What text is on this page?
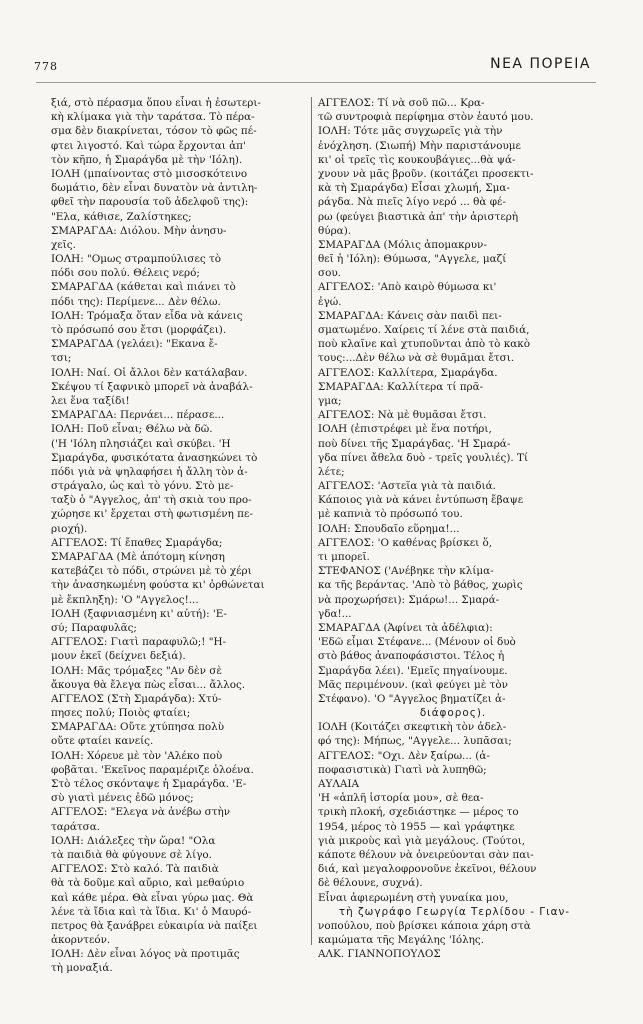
778	ΝΕΑ ΠΟΡΕΙΑ
ξιά, στὸ πέρασμα ὅπου εἶναι ἡ ἐσωτερι-
κὴ κλίμακα γιὰ τὴν ταράτσα. Τὸ πέρα-
σμα δὲν διακρίνεται, τόσον τὸ φῶς πέ-
φτει λιγοστό. Καὶ τώρα ἔρχονται ἀπ'
τὸν κῆπο, ἡ Σμαράγδα μὲ τὴν 'Ιόλη).
ΙΟΛΗ (μπαίνοντας στὸ μισοσκότεινο
δωμάτιο, δὲν εἶναι δυνατὸν νὰ ἀντιλη-
φθεῖ τὴν παρουσία τοῦ ἀδελφοῦ της):
"Ελα, κάθισε, Ζαλίστηκες;
ΣΜΑΡΑΓΔΑ: Διόλου. Μὴν ἀνησυ-
χεῖς.
ΙΟΛΗ: "Ομως στραμπούλισες τὸ
πόδι σου πολύ. Θέλεις νερό;
ΣΜΑΡΑΓΔΑ (κάθεται καὶ πιάνει τὸ
πόδι της): Περίμενε... Δὲν θέλω.
ΙΟΛΗ: Τρόμαξα ὅταν εἶδα νὰ κάνεις
τὸ πρόσωπό σου ἔτσι (μορφάζει).
ΣΜΑΡΑΓΔΑ (γελάει): "Εκανα ἔ-
τσι;
ΙΟΛΗ: Ναί. Οἱ ἄλλοι δὲν κατάλαβαν.
Σκέψου τί ξαφνικὸ μπορεῖ νὰ ἀναβάλ-
λει ἕνα ταξίδι!
ΣΜΑΡΑΓΔΑ: Περνάει... πέρασε...
ΙΟΛΗ: Ποῦ εἶναι; Θέλω νὰ δῶ.
('Η 'Ιόλη πλησιάζει καὶ σκύβει. 'Η
Σμαράγδα, φυσικότατα ἀνασηκώνει τὸ
πόδι γιὰ νὰ ψηλαφήσει ἡ ἄλλη τὸν ἀ-
στράγαλο, ὡς καὶ τὸ γόνυ. Στὸ με-
ταξὺ ὁ "Αγγελος, ἀπ' τὴ σκιὰ του προ-
χώρησε κι' ἔρχεται στὴ φωτισμένη πε-
ριοχή).
ΑΓΓΕΛΟΣ: Τί ἔπαθες Σμαράγδα;
ΣΜΑΡΑΓΔΑ (Μὲ ἀπότομη κίνηση
κατεβάζει τὸ πόδι, στρώνει μὲ τὸ χέρι
τὴν ἀνασηκωμένη φούστα κι' ὀρθώνεται
μὲ ἔκπληξη): 'Ο "Αγγελος!...
ΙΟΛΗ (ξαφνιασμένη κι' αὐτή): 'Ε-
σύ; Παραφυλᾶς;
ΑΓΓΕΛΟΣ: Γιατὶ παραφυλῶ;! "Η-
μουν ἐκεῖ (δείχνει δεξιά).
ΙΟΛΗ: Μᾶς τρόμαξες "Αν δὲν σὲ
ἄκουγα θὰ ἔλεγα πὼς εἶσαι... ἄλλος.
ΑΓΓΕΛΟΣ (Στὴ Σμαράγδα): Χτύ-
πησες πολύ; Ποιὸς φταίει;
ΣΜΑΡΑΓΔΑ: Οὔτε χτύπησα πολὺ
οὔτε φταίει κανείς.
ΙΟΛΗ: Χόρευε μὲ τὸν 'Αλέκο ποὺ
φοβᾶται. 'Εκεῖνος παραμέριζε ὁλοένα.
Στὸ τέλος σκόνταψε ἡ Σμαράγδα. 'Ε-
σὺ γιατὶ μένεις ἐδῶ μόνος;
ΑΓΓΕΛΟΣ: "Ελεγα νὰ ἀνέβω στὴν
ταράτσα.
ΙΟΛΗ: Διάλεξες τὴν ὥρα! "Ολα
τὰ παιδιὰ θὰ φύγουνε σὲ λίγο.
ΑΓΓΕΛΟΣ: Στὸ καλό. Τὰ παιδιὰ
θὰ τὰ δοῦμε καὶ αὔριο, καὶ μεθαύριο
καὶ κάθε μέρα. Θὰ εἶναι γύρω μας. Θὰ
λένε τὰ ἴδια καὶ τὰ ἴδια. Κι' ὁ Μαυρό-
πετρος θὰ ξανάβρει εὐκαιρία νὰ παίξει
ἀκορντεόν.
ΙΟΛΗ: Δὲν εἶναι λόγος νὰ προτιμᾶς
τὴ μοναξιά.
ΑΓΓΕΛΟΣ: Τί νὰ σοῦ πῶ... Κρα-
τῶ συντροφιὰ περίφημα στὸν ἑαυτό μου.
ΙΟΛΗ: Τότε μᾶς συγχωρεῖς γιὰ τὴν
ἐνόχληση. (Σιωπή) Μὴν παριστάνουμε
κι' οἱ τρεῖς τὶς κουκουβάγιες...θὰ ψά-
χνουν νὰ μᾶς βροῦν. (κοιτάζει προσεκτι-
κὰ τὴ Σμαράγδα) Εἶσαι χλωμή, Σμα-
ράγδα. Νὰ πιεῖς λίγο νερό ... θὰ φέ-
ρω (φεύγει βιαστικὰ ἀπ' τὴν ἀριστερὴ
θύρα).
ΣΜΑΡΑΓΔΑ (Μόλις ἀπομακρυν-
θεῖ ἡ 'Ιόλη): Θύμωσα, "Αγγελε, μαζί
σου.
ΑΓΓΕΛΟΣ: 'Απὸ καιρὸ θύμωσα κι'
ἐγώ.
ΣΜΑΡΑΓΔΑ: Κάνεις σὰν παιδὶ πει-
σματωμένο. Χαίρεις τί λένε στὰ παιδιά,
ποὺ κλαῖνε καὶ χτυποῦνται ἀπὸ τὸ κακὸ
τους:...Δὲν θέλω νὰ σὲ θυμᾶμαι ἔτσι.
ΑΓΓΕΛΟΣ: Καλλίτερα, Σμαράγδα.
ΣΜΑΡΑΓΔΑ: Καλλίτερα τί πρᾶ-
γμα;
ΑΓΓΕΛΟΣ: Νὰ μὲ θυμᾶσαι ἔτσι.
ΙΟΛΗ (ἐπιστρέφει μὲ ἕνα ποτήρι,
ποὺ δίνει τῆς Σμαράγδας. 'Η Σμαρά-
γδα πίνει ἄθελα δυὸ - τρεῖς γουλιές). Τί
λέτε;
ΑΓΓΕΛΟΣ: 'Αστεῖα γιὰ τὰ παιδιά.
Κάποιος γιὰ νὰ κάνει ἐντύπωση ἔβαψε
μὲ καπνιὰ τὸ πρόσωπό του.
ΙΟΛΗ: Σπουδαῖο εὕρημα!...
ΑΓΓΕΛΟΣ: 'Ο καθένας βρίσκει ὅ,
τι μπορεῖ.
ΣΤΕΦΑΝΟΣ ('Ανέβηκε τὴν κλίμα-
κα τῆς βεράντας. 'Απὸ τὸ βάθος, χωρὶς
νὰ προχωρήσει): Σμάρω!... Σμαρά-
γδα!...
ΣΜΑΡΑΓΔΑ (Ἀφίνει τὰ ἀδέλφια):
'Εδῶ εἶμαι Στέφανε... (Μένουν οἱ δυὸ
στὸ βάθος ἀναποφάσιστοι. Τέλος ἡ
Σμαράγδα λέει). 'Εμεῖς πηγαίνουμε.
Μᾶς περιμένουν. (καὶ φεύγει μὲ τὸν
Στέφανο). 'Ο "Αγγελος βηματίζει ἀ-
διάφορος).
ΙΟΛΗ (Κοιτάζει σκεφτικὴ τὸν ἀδελ-
φό της): Μήπως, "Αγγελε... λυπᾶσαι;
ΑΓΓΕΛΟΣ: "Οχι. Δὲν ξαίρω... (ἀ-
ποφασιστικὰ) Γιατὶ νὰ λυπηθῶ;
ΑΥΛΑΙΑ
'Η «ἁπλῆ ἱστορία μου», σὲ θεα-
τρικὴ πλοκή, σχεδιάστηκε — μέρος το
1954, μέρος τὸ 1955 — καὶ γράφτηκε
γιὰ μικροὺς καὶ γιὰ μεγάλους. (Τούτοι,
κάποτε θέλουν νὰ ὀνειρεύονται σὰν παι-
διά, καὶ μεγαλοφρονοῦνε ἐκεῖνοι, θέλουν
δὲ θέλουνε, συχνά).
Εἶναι ἀφιερωμένη στὴ γυναίκα μου,
τὴ ζωγράφο Γεωργία Τερλίδου - Γιαν-
νοπούλου, ποὺ βρίσκει κάποια χάρη στὰ
καμώματα τῆς Μεγάλης 'Ιόλης.
ΑΛΚ. ΓΙΑΝΝΟΠΟΥΛΟΣ
